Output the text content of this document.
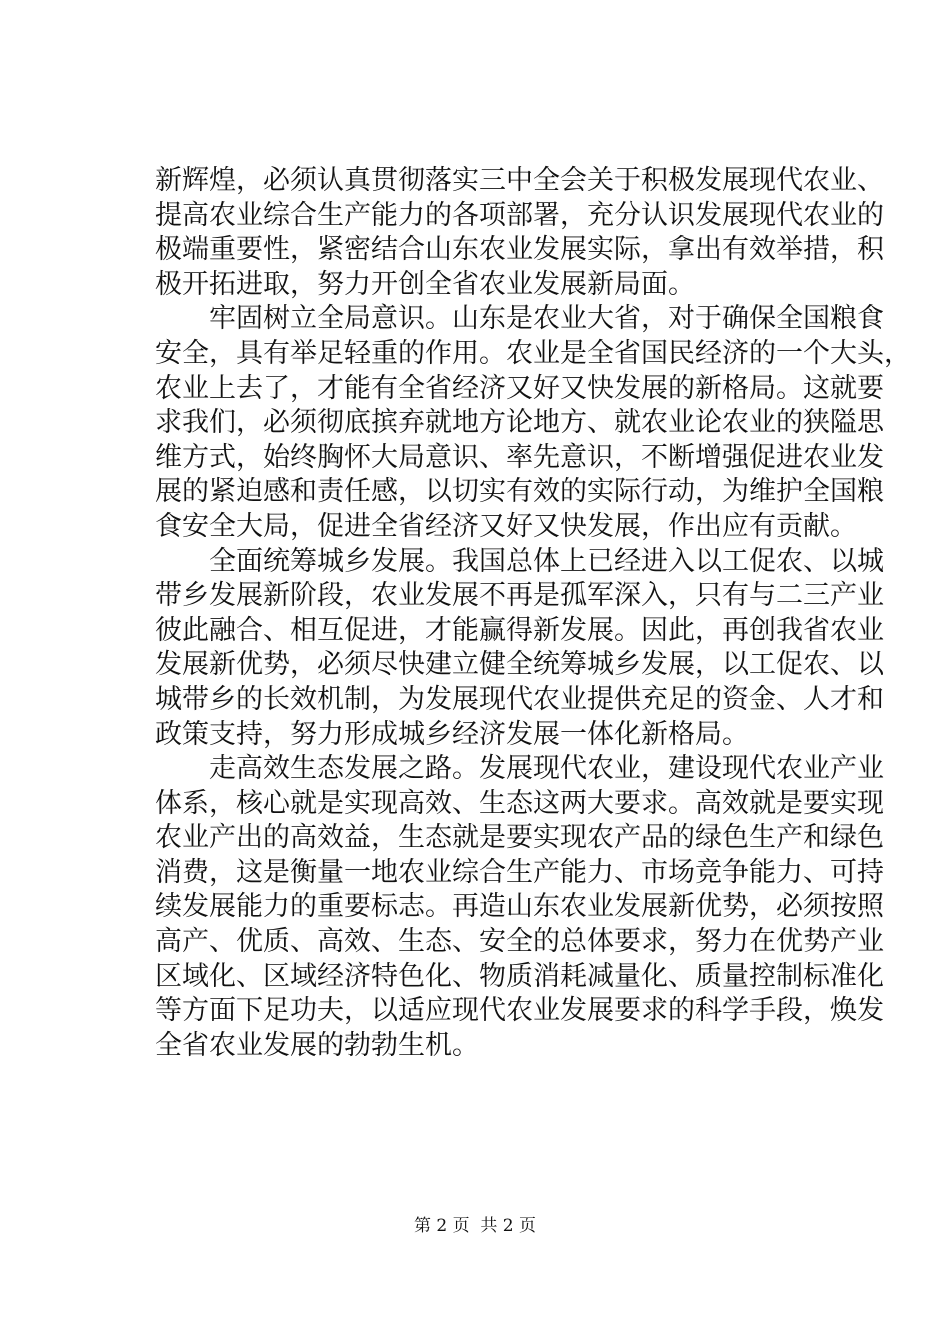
新辉煌，必须认真贯彻落实三中全会关于积极发展现代农业、
提高农业综合生产能力的各项部署，充分认识发展现代农业的
极端重要性，紧密结合山东农业发展实际，拿出有效举措，积
极开拓进取，努力开创全省农业发展新局面。
牢固树立全局意识。山东是农业大省，对于确保全国粮食
安全，具有举足轻重的作用。农业是全省国民经济的一个大头，
农业上去了，才能有全省经济又好又快发展的新格局。这就要
求我们，必须彻底摈弃就地方论地方、就农业论农业的狭隘思
维方式，始终胸怀大局意识、率先意识，不断增强促进农业发
展的紧迫感和责任感，以切实有效的实际行动，为维护全国粮
食安全大局，促进全省经济又好又快发展，作出应有贡献。
全面统筹城乡发展。我国总体上已经进入以工促农、以城
带乡发展新阶段，农业发展不再是孤军深入，只有与二三产业
彼此融合、相互促进，才能赢得新发展。因此，再创我省农业
发展新优势，必须尽快建立健全统筹城乡发展，以工促农、以
城带乡的长效机制，为发展现代农业提供充足的资金、人才和
政策支持，努力形成城乡经济发展一体化新格局。
走高效生态发展之路。发展现代农业，建设现代农业产业
体系，核心就是实现高效、生态这两大要求。高效就是要实现
农业产出的高效益，生态就是要实现农产品的绿色生产和绿色
消费，这是衡量一地农业综合生产能力、市场竞争能力、可持
续发展能力的重要标志。再造山东农业发展新优势，必须按照
高产、优质、高效、生态、安全的总体要求，努力在优势产业
区域化、区域经济特色化、物质消耗减量化、质量控制标准化
等方面下足功夫，以适应现代农业发展要求的科学手段，焕发
全省农业发展的勃勃生机。
第 2 页  共 2 页
